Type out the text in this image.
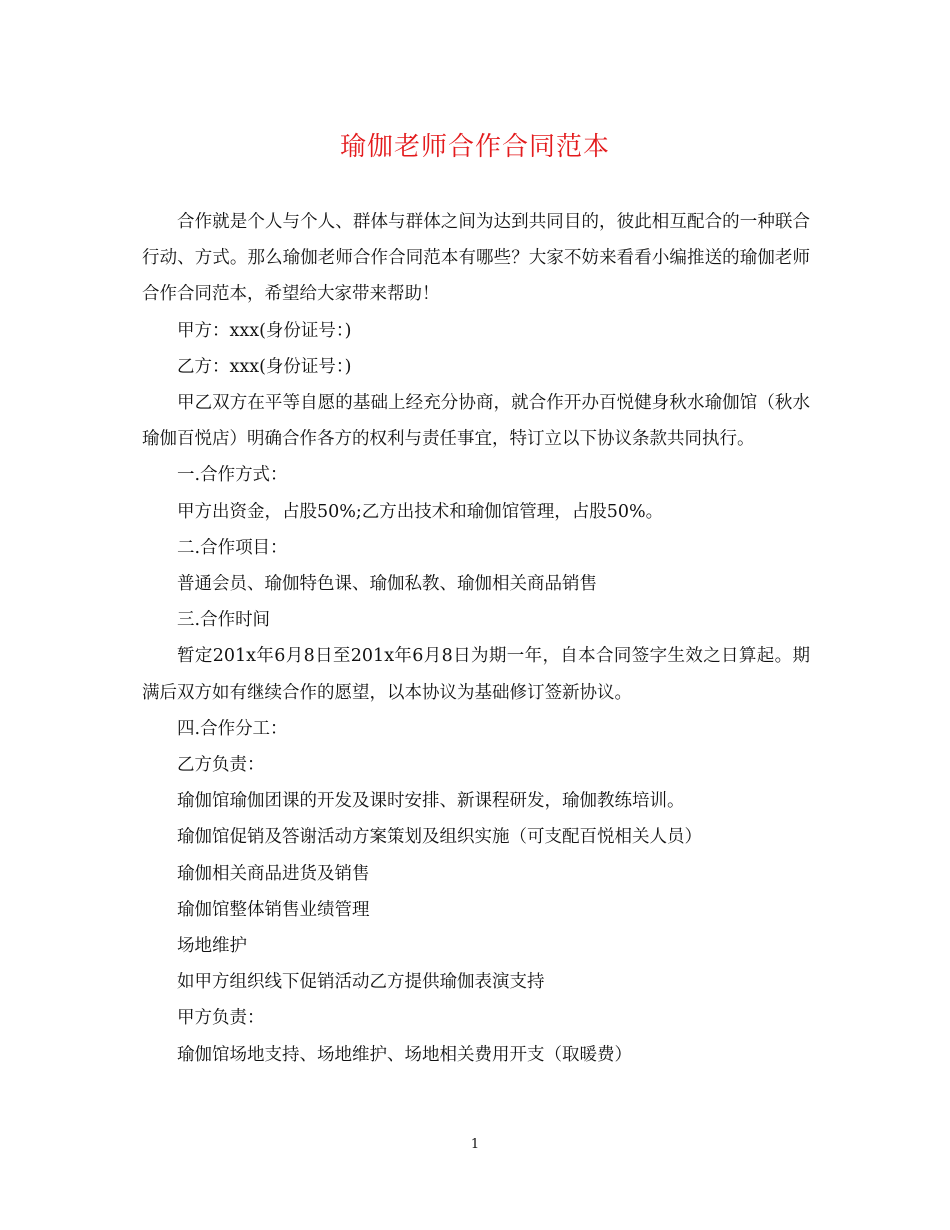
瑜伽老师合作合同范本

合作就是个人与个人、群体与群体之间为达到共同目的，彼此相互配合的一种联合行动、方式。那么瑜伽老师合作合同范本有哪些？大家不妨来看看小编推送的瑜伽老师合作合同范本，希望给大家带来帮助！

甲方：xxx(身份证号：)

乙方：xxx(身份证号：)

甲乙双方在平等自愿的基础上经充分协商，就合作开办百悦健身秋水瑜伽馆（秋水瑜伽百悦店）明确合作各方的权利与责任事宜，特订立以下协议条款共同执行。

一.合作方式：

甲方出资金，占股50%;乙方出技术和瑜伽馆管理，占股50%。

二.合作项目：

普通会员、瑜伽特色课、瑜伽私教、瑜伽相关商品销售

三.合作时间

暂定201x年6月8日至201x年6月8日为期一年，自本合同签字生效之日算起。期满后双方如有继续合作的愿望，以本协议为基础修订签新协议。

四.合作分工：

乙方负责：

瑜伽馆瑜伽团课的开发及课时安排、新课程研发，瑜伽教练培训。

瑜伽馆促销及答谢活动方案策划及组织实施（可支配百悦相关人员）

瑜伽相关商品进货及销售

瑜伽馆整体销售业绩管理

场地维护

如甲方组织线下促销活动乙方提供瑜伽表演支持

甲方负责：

瑜伽馆场地支持、场地维护、场地相关费用开支（取暖费）

1
